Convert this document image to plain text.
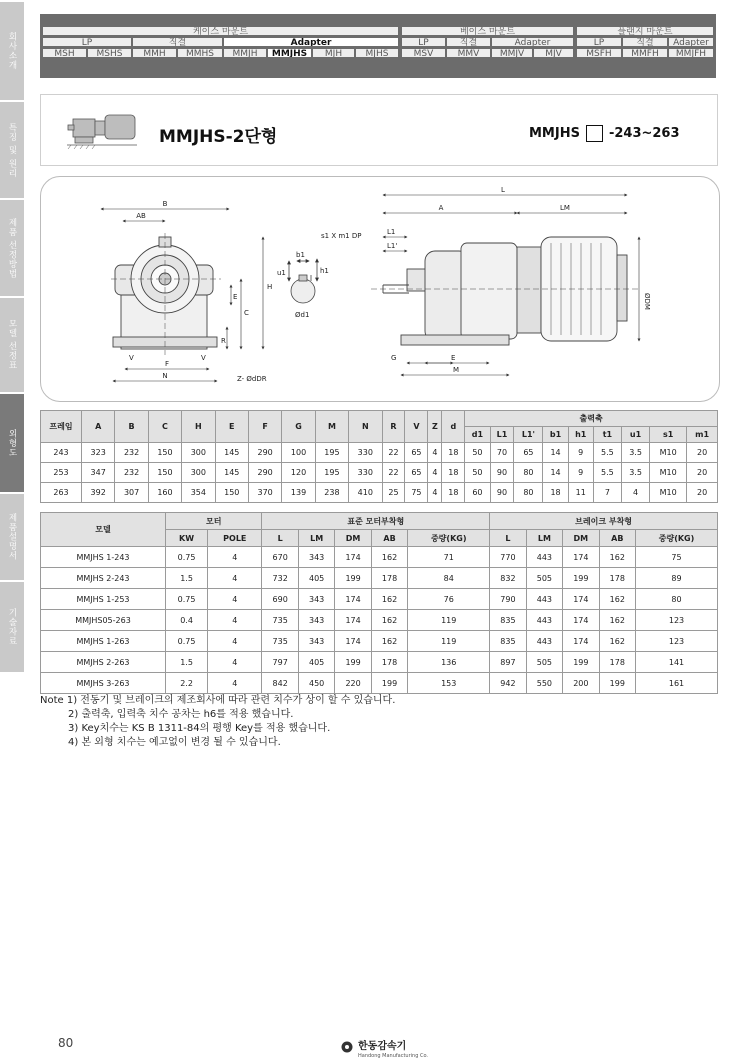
회사소개
특징 및 원리
제품 선정방법
모델 선정표
외형도
제품설명서
기술자료
케이스 마운트	베이스 마운트	플랜지 마운트
LP	직결	Adapter	LP	직결	Adapter	LP	직결	Adapter
MSH	MSHS	MMH	MMHS	MMJH	MMJHS	MJH	MJHS	MSV	MMV	MMJV	MJV	MSFH	MMFH	MMJFH
MMJHS-2단형	MMJHS -243~263
B
AB
F
N
H
C
R
E
V	V
Z- ØdDR
s1 X m1 DP
b1
u1	h1
Ød1
L
A	LM
L1
L1'
G	E
M
ØDM
프레임	A	B	C	H	E	F	G	M	N	R	V	Z	d	출력축								
														d1	L1	L1'	b1	h1	t1	u1	s1	m1
243	323	232	150	300	145	290	100	195	330	22	65	4	18	50	70	65	14	9	5.5	3.5	M10	20
253	347	232	150	300	145	290	120	195	330	22	65	4	18	50	90	80	14	9	5.5	3.5	M10	20
263	392	307	160	354	150	370	139	238	410	25	75	4	18	60	90	80	18	11	7	4	M10	20
모델	모터		표준 모터부착형					브레이크 부착형				
	KW	POLE	L	LM	DM	AB	중량(KG)	L	LM	DM	AB	중량(KG)
MMJHS 1-243	0.75	4	670	343	174	162	71	770	443	174	162	75
MMJHS 2-243	1.5	4	732	405	199	178	84	832	505	199	178	89
MMJHS 1-253	0.75	4	690	343	174	162	76	790	443	174	162	80
MMJHS05-263	0.4	4	735	343	174	162	119	835	443	174	162	123
MMJHS 1-263	0.75	4	735	343	174	162	119	835	443	174	162	123
MMJHS 2-263	1.5	4	797	405	199	178	136	897	505	199	178	141
MMJHS 3-263	2.2	4	842	450	220	199	153	942	550	200	199	161
Note 1) 전동기 및 브레이크의 제조회사에 따라 관련 치수가 상이 할 수 있습니다.
2) 출력축, 입력축 치수 공차는 h6를 적용 했습니다.
3) Key치수는 KS B 1311-84의 평행 Key를 적용 했습니다.
4) 본 외형 치수는 예고없이 변경 될 수 있습니다.
80	한동감속기
Handong Manufacturing Co.
